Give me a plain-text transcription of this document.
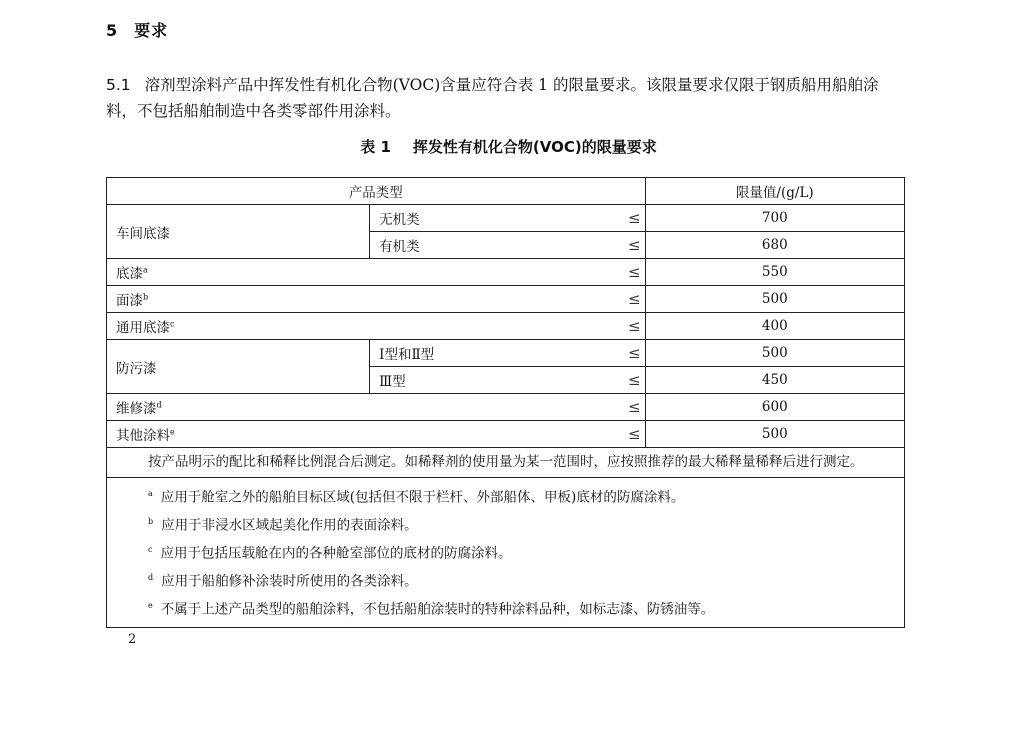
5 要求
5.1 溶剂型涂料产品中挥发性有机化合物(VOC)含量应符合表 1 的限量要求。该限量要求仅限于钢质船用船舶涂料，不包括船舶制造中各类零部件用涂料。
表 1 挥发性有机化合物(VOC)的限量要求
产品类型			限量值/(g/L)
车间底漆	无机类	≤	700
	有机类	≤	680
底漆$^a$		≤	550
面漆$^b$		≤	500
通用底漆$^c$		≤	400
防污漆	Ⅰ型和Ⅱ型	≤	500
	Ⅲ型	≤	450
维修漆$^d$		≤	600
其他涂料$^e$		≤	500
按产品明示的配比和稀释比例混合后测定。如稀释剂的使用量为某一范围时，应按照推荐的最大稀释量稀释后进行测定。			

$^a$ 应用于舱室之外的船舶目标区域(包括但不限于栏杆、外部船体、甲板)底材的防腐涂料。
$^b$ 应用于非浸水区域起美化作用的表面涂料。
$^c$ 应用于包括压载舱在内的各种舱室部位的底材的防腐涂料。
$^d$ 应用于船舶修补涂装时所使用的各类涂料。
$^e$ 不属于上述产品类型的船舶涂料，不包括船舶涂装时的特种涂料品种，如标志漆、防锈油等。			
2
